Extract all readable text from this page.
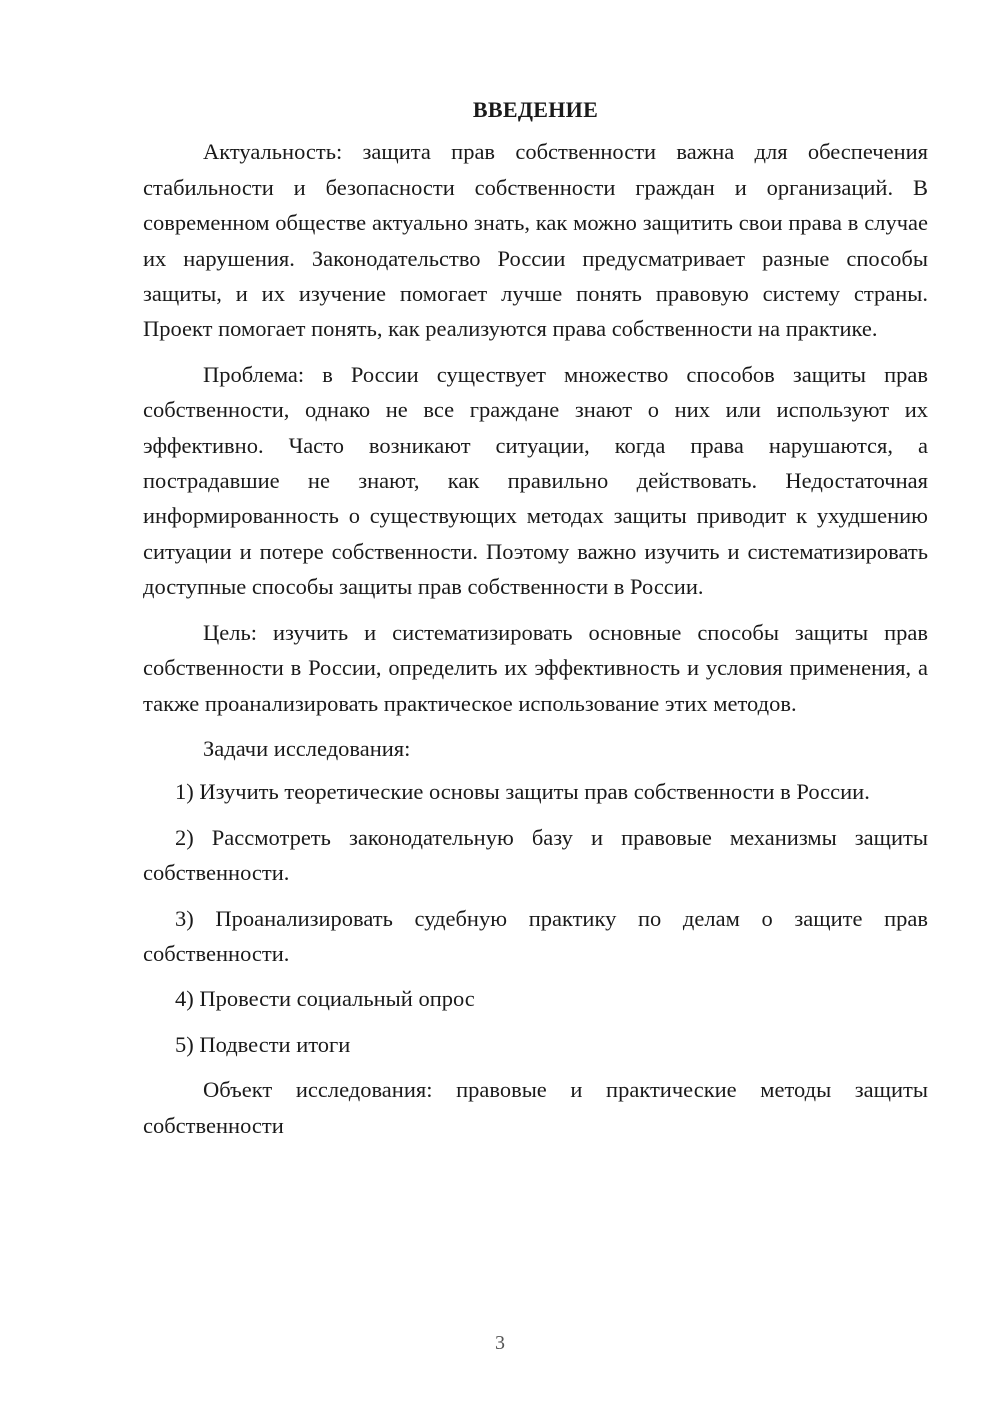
ВВЕДЕНИЕ

Актуальность: защита прав собственности важна для обеспечения стабильности и безопасности собственности граждан и организаций. В современном обществе актуально знать, как можно защитить свои права в случае их нарушения. Законодательство России предусматривает разные способы защиты, и их изучение помогает лучше понять правовую систему страны. Проект помогает понять, как реализуются права собственности на практике.

Проблема: в России существует множество способов защиты прав собственности, однако не все граждане знают о них или используют их эффективно. Часто возникают ситуации, когда права нарушаются, а пострадавшие не знают, как правильно действовать. Недостаточная информированность о существующих методах защиты приводит к ухудшению ситуации и потере собственности. Поэтому важно изучить и систематизировать доступные способы защиты прав собственности в России.

Цель: изучить и систематизировать основные способы защиты прав собственности в России, определить их эффективность и условия применения, а также проанализировать практическое использование этих методов.

Задачи исследования:

1) Изучить теоретические основы защиты прав собственности в России.

2) Рассмотреть законодательную базу и правовые механизмы защиты собственности.

3) Проанализировать судебную практику по делам о защите прав собственности.

4) Провести социальный опрос

5) Подвести итоги

Объект исследования: правовые и практические методы защиты собственности

3
